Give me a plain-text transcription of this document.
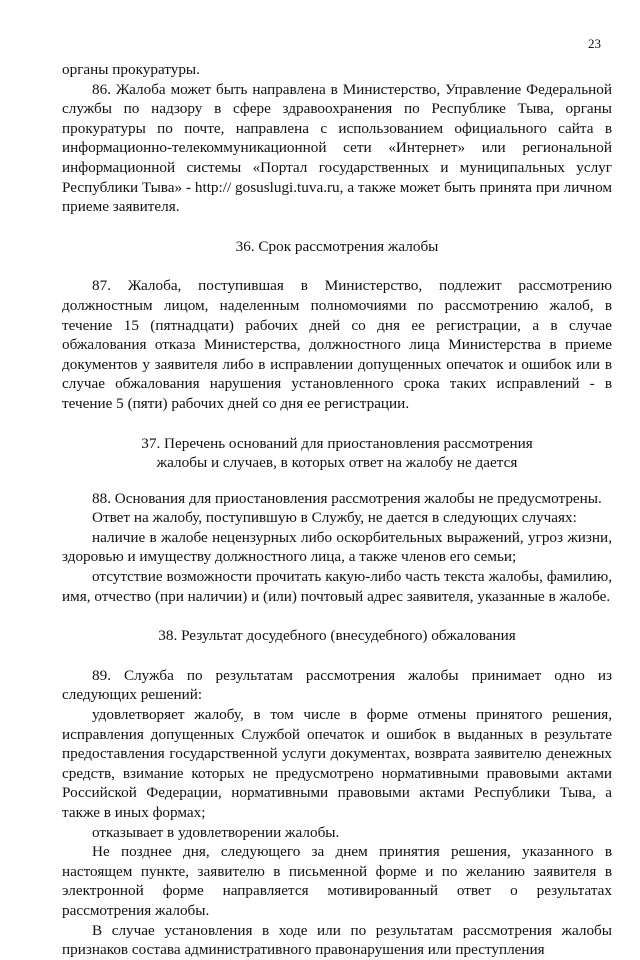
23

органы прокуратуры.

86. Жалоба может быть направлена в Министерство, Управление Федеральной службы по надзору в сфере здравоохранения по Республике Тыва, органы прокуратуры по почте, направлена с использованием официального сайта в информационно-телекоммуникационной сети «Интернет» или региональной информационной системы «Портал государственных и муниципальных услуг Республики Тыва» - http:// gosuslugi.tuva.ru, а также может быть принята при личном приеме заявителя.

36. Срок рассмотрения жалобы

87. Жалоба, поступившая в Министерство, подлежит рассмотрению должностным лицом, наделенным полномочиями по рассмотрению жалоб, в течение 15 (пятнадцати) рабочих дней со дня ее регистрации, а в случае обжалования отказа Министерства, должностного лица Министерства в приеме документов у заявителя либо в исправлении допущенных опечаток и ошибок или в случае обжалования нарушения установленного срока таких исправлений - в течение 5 (пяти) рабочих дней со дня ее регистрации.

37. Перечень оснований для приостановления рассмотрения

жалобы и случаев, в которых ответ на жалобу не дается

88. Основания для приостановления рассмотрения жалобы не предусмотрены.

Ответ на жалобу, поступившую в Службу, не дается в следующих случаях:

наличие в жалобе нецензурных либо оскорбительных выражений, угроз жизни, здоровью и имуществу должностного лица, а также членов его семьи;

отсутствие возможности прочитать какую-либо часть текста жалобы, фамилию, имя, отчество (при наличии) и (или) почтовый адрес заявителя, указанные в жалобе.

38. Результат досудебного (внесудебного) обжалования

89. Служба по результатам рассмотрения жалобы принимает одно из следующих решений:

удовлетворяет жалобу, в том числе в форме отмены принятого решения, исправления допущенных Службой опечаток и ошибок в выданных в результате предоставления государственной услуги документах, возврата заявителю денежных средств, взимание которых не предусмотрено нормативными правовыми актами Российской Федерации, нормативными правовыми актами Республики Тыва, а также в иных формах;

отказывает в удовлетворении жалобы.

Не позднее дня, следующего за днем принятия решения, указанного в настоящем пункте, заявителю в письменной форме и по желанию заявителя в электронной форме направляется мотивированный ответ о результатах рассмотрения жалобы.

В случае установления в ходе или по результатам рассмотрения жалобы признаков состава административного правонарушения или преступления
